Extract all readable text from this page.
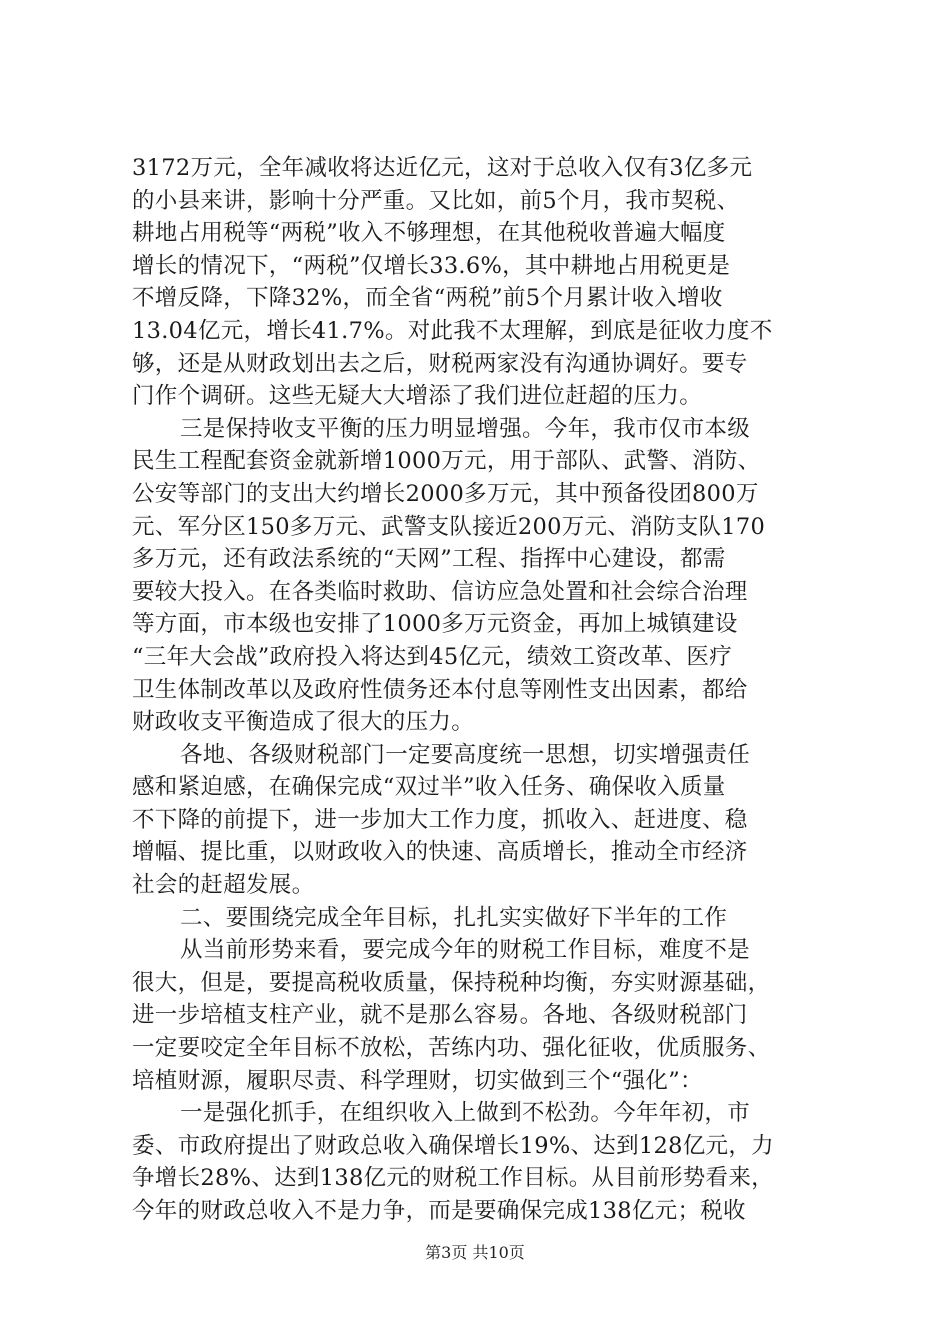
3172万元，全年减收将达近亿元，这对于总收入仅有3亿多元
的小县来讲，影响十分严重。又比如，前5个月，我市契税、
耕地占用税等“两税”收入不够理想，在其他税收普遍大幅度
增长的情况下，“两税”仅增长33.6%，其中耕地占用税更是
不增反降，下降32%，而全省“两税”前5个月累计收入增收
13.04亿元，增长41.7%。对此我不太理解，到底是征收力度不
够，还是从财政划出去之后，财税两家没有沟通协调好。要专
门作个调研。这些无疑大大增添了我们进位赶超的压力。
三是保持收支平衡的压力明显增强。今年，我市仅市本级
民生工程配套资金就新增1000万元，用于部队、武警、消防、
公安等部门的支出大约增长2000多万元，其中预备役团800万
元、军分区150多万元、武警支队接近200万元、消防支队170
多万元，还有政法系统的“天网”工程、指挥中心建设，都需
要较大投入。在各类临时救助、信访应急处置和社会综合治理
等方面，市本级也安排了1000多万元资金，再加上城镇建设
“三年大会战”政府投入将达到45亿元，绩效工资改革、医疗
卫生体制改革以及政府性债务还本付息等刚性支出因素，都给
财政收支平衡造成了很大的压力。
各地、各级财税部门一定要高度统一思想，切实增强责任
感和紧迫感，在确保完成“双过半”收入任务、确保收入质量
不下降的前提下，进一步加大工作力度，抓收入、赶进度、稳
增幅、提比重，以财政收入的快速、高质增长，推动全市经济
社会的赶超发展。
二、要围绕完成全年目标，扎扎实实做好下半年的工作
从当前形势来看，要完成今年的财税工作目标，难度不是
很大，但是，要提高税收质量，保持税种均衡，夯实财源基础，
进一步培植支柱产业，就不是那么容易。各地、各级财税部门
一定要咬定全年目标不放松，苦练内功、强化征收，优质服务、
培植财源，履职尽责、科学理财，切实做到三个“强化”：
一是强化抓手，在组织收入上做到不松劲。今年年初，市
委、市政府提出了财政总收入确保增长19%、达到128亿元，力
争增长28%、达到138亿元的财税工作目标。从目前形势看来，
今年的财政总收入不是力争，而是要确保完成138亿元；税收
第3页 共10页
